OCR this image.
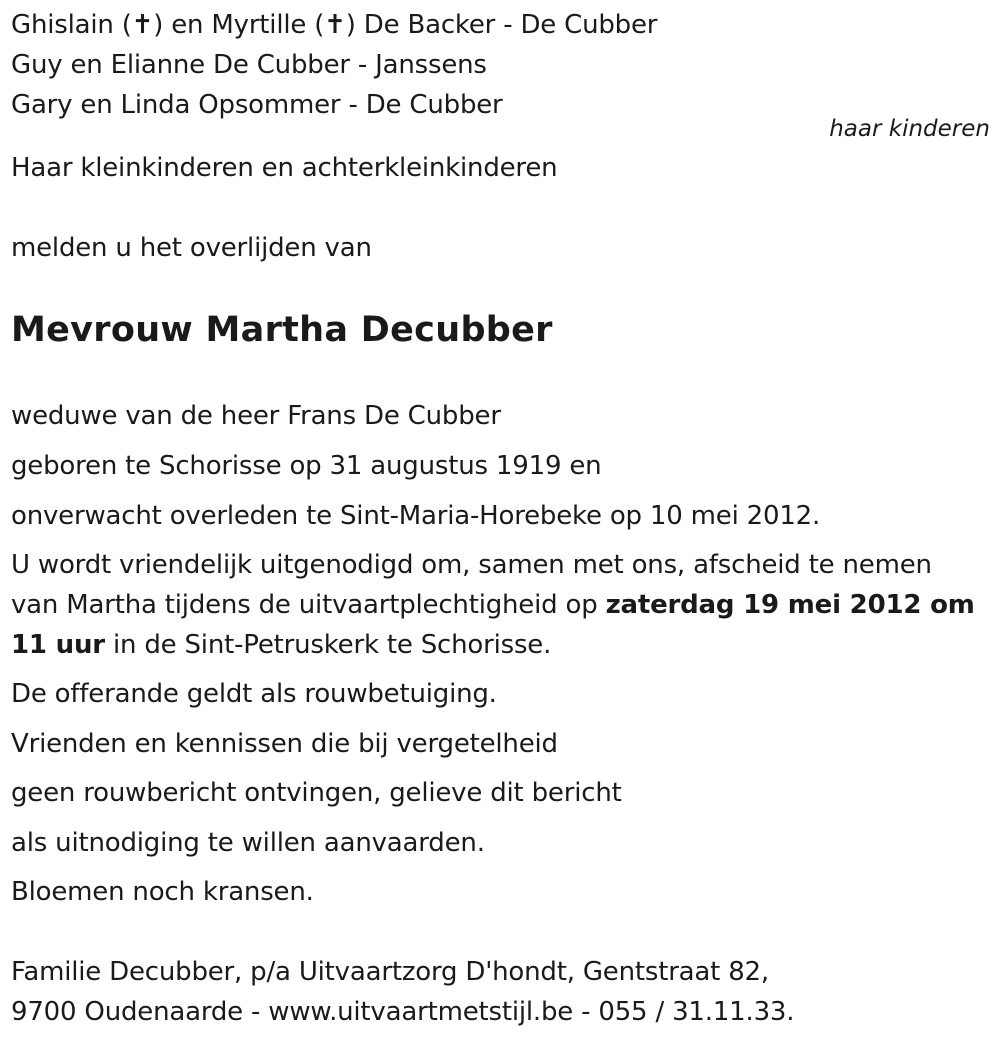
Ghislain (✝) en Myrtille (✝) De Backer - De Cubber
Guy en Elianne De Cubber - Janssens
Gary en Linda Opsommer - De Cubber
haar kinderen
Haar kleinkinderen en achterkleinkinderen
melden u het overlijden van
Mevrouw Martha Decubber
weduwe van de heer Frans De Cubber
geboren te Schorisse op 31 augustus 1919 en
onverwacht overleden te Sint-Maria-Horebeke op 10 mei 2012.
U wordt vriendelijk uitgenodigd om, samen met ons, afscheid te nemen van Martha tijdens de uitvaartplechtigheid op zaterdag 19 mei 2012 om 11 uur in de Sint-Petruskerk te Schorisse.
De offerande geldt als rouwbetuiging.
Vrienden en kennissen die bij vergetelheid
geen rouwbericht ontvingen, gelieve dit bericht
als uitnodiging te willen aanvaarden.
Bloemen noch kransen.
Familie Decubber, p/a Uitvaartzorg D'hondt, Gentstraat 82,
9700 Oudenaarde - www.uitvaartmetstijl.be - 055 / 31.11.33.
